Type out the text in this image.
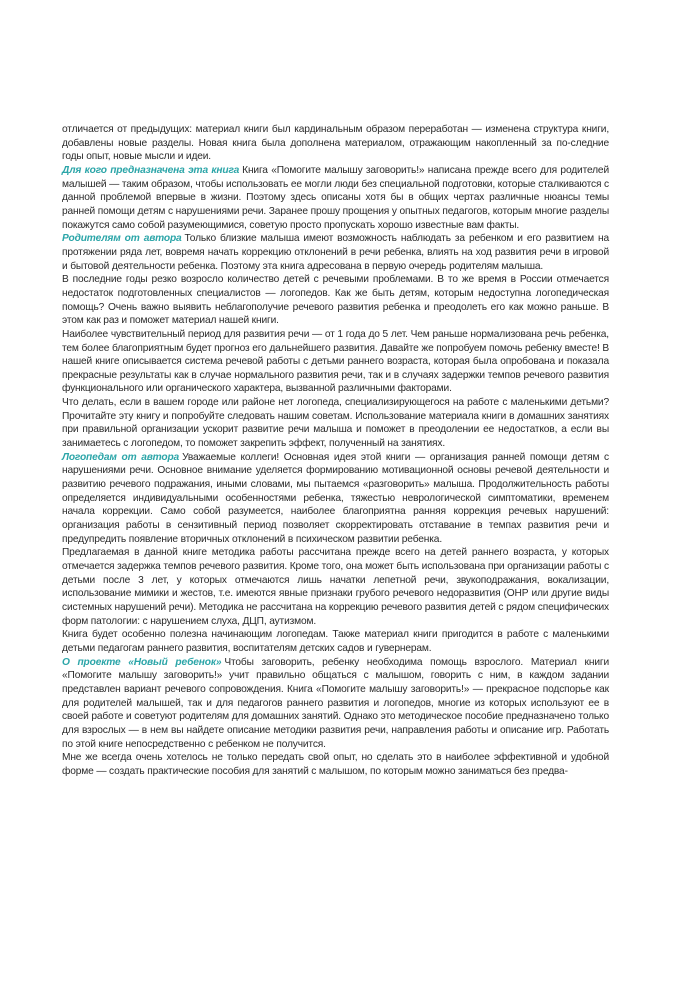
отличается от предыдущих: материал книги был кардинальным образом переработан — изменена структура книги, добавлены новые разделы. Новая книга была дополнена материалом, отражающим накопленный за по-следние годы опыт, новые мысли и идеи.

Для кого предназначена эта книга Книга «Помогите малышу заговорить!» написана прежде всего для родителей малышей — таким образом, чтобы использовать ее могли люди без специальной подготовки, которые сталкиваются с данной проблемой впервые в жизни. Поэтому здесь описаны хотя бы в общих чертах различные нюансы темы ранней помощи детям с нарушениями речи. Заранее прошу прощения у опытных педагогов, которым многие разделы покажутся само собой разумеющимися, советую просто пропускать хорошо известные вам факты.

Родителям от автора Только близкие малыша имеют возможность наблюдать за ребенком и его развитием на протяжении ряда лет, вовремя начать коррекцию отклонений в речи ребенка, влиять на ход развития речи в игровой и бытовой деятельности ребенка. Поэтому эта книга адресована в первую очередь родителям малыша.

В последние годы резко возросло количество детей с речевыми проблемами. В то же время в России отмечается недостаток подготовленных специалистов — логопедов. Как же быть детям, которым недоступна логопедическая помощь? Очень важно выявить неблагополучие речевого развития ребенка и преодолеть его как можно раньше. В этом как раз и поможет материал нашей книги.

Наиболее чувствительный период для развития речи — от 1 года до 5 лет. Чем раньше нормализована речь ребенка, тем более благоприятным будет прогноз его дальнейшего развития. Давайте же попробуем помочь ребенку вместе! В нашей книге описывается система речевой работы с детьми раннего возраста, которая была опробована и показала прекрасные результаты как в случае нормального развития речи, так и в случаях задержки темпов речевого развития функционального или органического характера, вызванной различными факторами.

Что делать, если в вашем городе или районе нет логопеда, специализирующегося на работе с маленькими детьми? Прочитайте эту книгу и попробуйте следовать нашим советам. Использование материала книги в домашних занятиях при правильной организации ускорит развитие речи малыша и поможет в преодолении ее недостатков, а если вы занимаетесь с логопедом, то поможет закрепить эффект, полученный на занятиях.

Логопедам от автора Уважаемые коллеги! Основная идея этой книги — организация ранней помощи детям с нарушениями речи. Основное внимание уделяется формированию мотивационной основы речевой деятельности и развитию речевого подражания, иными словами, мы пытаемся «разговорить» малыша. Продолжительность работы определяется индивидуальными особенностями ребенка, тяжестью неврологической симптоматики, временем начала коррекции. Само собой разумеется, наиболее благоприятна ранняя коррекция речевых нарушений: организация работы в сензитивный период позволяет скорректировать отставание в темпах развития речи и предупредить появление вторичных отклонений в психическом развитии ребенка.

Предлагаемая в данной книге методика работы рассчитана прежде всего на детей раннего возраста, у которых отмечается задержка темпов речевого развития. Кроме того, она может быть использована при организации работы с детьми после 3 лет, у которых отмечаются лишь начатки лепетной речи, звукоподражания, вокализации, использование мимики и жестов, т.е. имеются явные признаки грубого речевого недоразвития (ОНР или другие виды системных нарушений речи). Методика не рассчитана на коррекцию речевого развития детей с рядом специфических форм патологии: с нарушением слуха, ДЦП, аутизмом.

Книга будет особенно полезна начинающим логопедам. Также материал книги пригодится в работе с маленькими детьми педагогам раннего развития, воспитателям детских садов и гувернерам.

О проекте «Новый ребенок» Чтобы заговорить, ребенку необходима помощь взрослого. Материал книги «Помогите малышу заговорить!» учит правильно общаться с малышом, говорить с ним, в каждом задании представлен вариант речевого сопровождения. Книга «Помогите малышу заговорить!» — прекрасное подспорье как для родителей малышей, так и для педагогов раннего развития и логопедов, многие из которых используют ее в своей работе и советуют родителям для домашних занятий. Однако это методическое пособие предназначено только для взрослых — в нем вы найдете описание методики развития речи, направления работы и описание игр. Работать по этой книге непосредственно с ребенком не получится.

Мне же всегда очень хотелось не только передать свой опыт, но сделать это в наиболее эффективной и удобной форме — создать практические пособия для занятий с малышом, по которым можно заниматься без предва-
